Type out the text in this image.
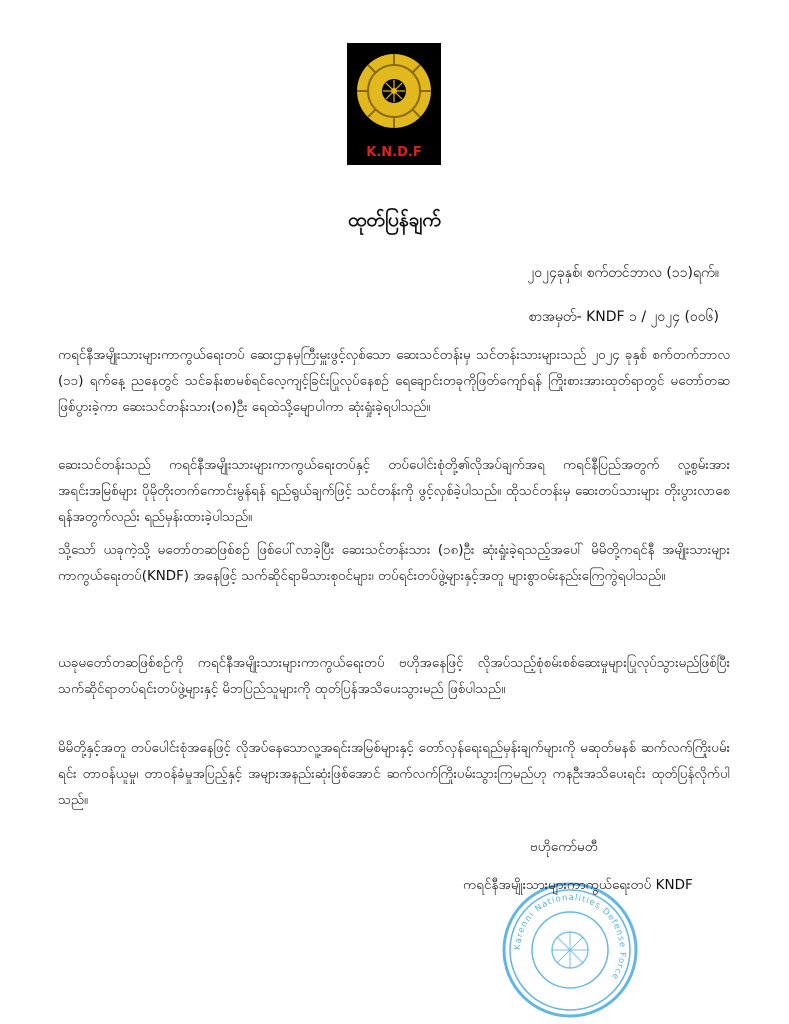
K.N.D.F
ထုတ်ပြန်ချက်
၂၀၂၄ခုနှစ်၊ စက်တင်ဘာလ (၁၁)ရက်။
စာအမှတ်- KNDF ၁ / ၂၀၂၄ (၀၀၆)

ကရင်နီအမျိုးသားများကာကွယ်ရေးတပ် ဆေးဌာနမှကြီးမှူးဖွင့်လှစ်သော ဆေးသင်တန်းမှ သင်တန်းသားများသည် ၂၀၂၄ ခုနှစ် စက်တက်ဘာလ (၁၁) ရက်နေ့ ညနေတွင် သင်ခန်းစာမစ်ရင်လေ့ကျင့်ခြင်းပြုလုပ်နေစဉ် ရေချောင်းတခုကိုဖြတ်ကျော်ရန် ကြိုးစားအားထုတ်ရာတွင် မတော်တဆဖြစ်ပွားခဲ့ကာ ဆေးသင်တန်းသား(၁၈)ဦး ရေထဲသို့မျောပါကာ ဆုံးရှုံးခဲ့ရပါသည်။

ဆေးသင်တန်းသည် ကရင်နီအမျိုးသားများကာကွယ်ရေးတပ်နှင့် တပ်ပေါင်းစုံတို့၏လိုအပ်ချက်အရ ကရင်နီပြည်အတွက် လူ့စွမ်းအားအရင်းအမြစ်များ ပိုမိုတိုးတက်ကောင်းမွန်ရန် ရည်ရွယ်ချက်ဖြင့် သင်တန်းကို ဖွင့်လှစ်ခဲ့ပါသည်။ ထိုသင်တန်းမှ ဆေးတပ်သားများ တိုးပွားလာစေရန်အတွက်လည်း ရည်မှန်းထားခဲ့ပါသည်။

သို့သော် ယခုကဲ့သို့ မတော်တဆဖြစ်စဉ် ဖြစ်ပေါ်လာခဲ့ပြီး ဆေးသင်တန်းသား (၁၈)ဦး ဆုံးရှုံးခဲ့ရသည့်အပေါ် မိမိတို့ကရင်နီ အမျိုးသားများကာကွယ်ရေးတပ်(KNDF) အနေဖြင့် သက်ဆိုင်ရာမိသားစုဝင်များ၊ တပ်ရင်းတပ်ဖွဲ့များနှင့်အတူ များစွာဝမ်းနည်းကြေကွဲရပါသည်။

ယခုမတော်တဆဖြစ်စဉ်ကို ကရင်နီအမျိုးသားများကာကွယ်ရေးတပ် ဗဟိုအနေဖြင့် လိုအပ်သည့်စုံစမ်းစစ်ဆေးမှုများပြုလုပ်သွားမည်ဖြစ်ပြီး သက်ဆိုင်ရာတပ်ရင်းတပ်ဖွဲ့များနှင့် မိဘပြည်သူများကို ထုတ်ပြန်အသိပေးသွားမည် ဖြစ်ပါသည်။

မိမိတို့နှင့်အတူ တပ်ပေါင်းစုံအနေဖြင့် လိုအပ်နေသောလူ့အရင်းအမြစ်များနှင့် တော်လှန်ရေးရည်မှန်းချက်များကို မဆုတ်မနစ် ဆက်လက်ကြိုးပမ်းရင်း တာဝန်ယူမှု၊ တာဝန်ခံမှုအပြည့်နှင့် အများအနည်းဆုံးဖြစ်အောင် ဆက်လက်ကြိုးပမ်းသွားကြမည်ဟု ကနဦးအသိပေးရင်း ထုတ်ပြန်လိုက်ပါသည်။

Karenni Nationalities Defense Force
ဗဟိုကော်မတီ
ကရင်နီအမျိုးသားများကာကွယ်ရေးတပ် KNDF
